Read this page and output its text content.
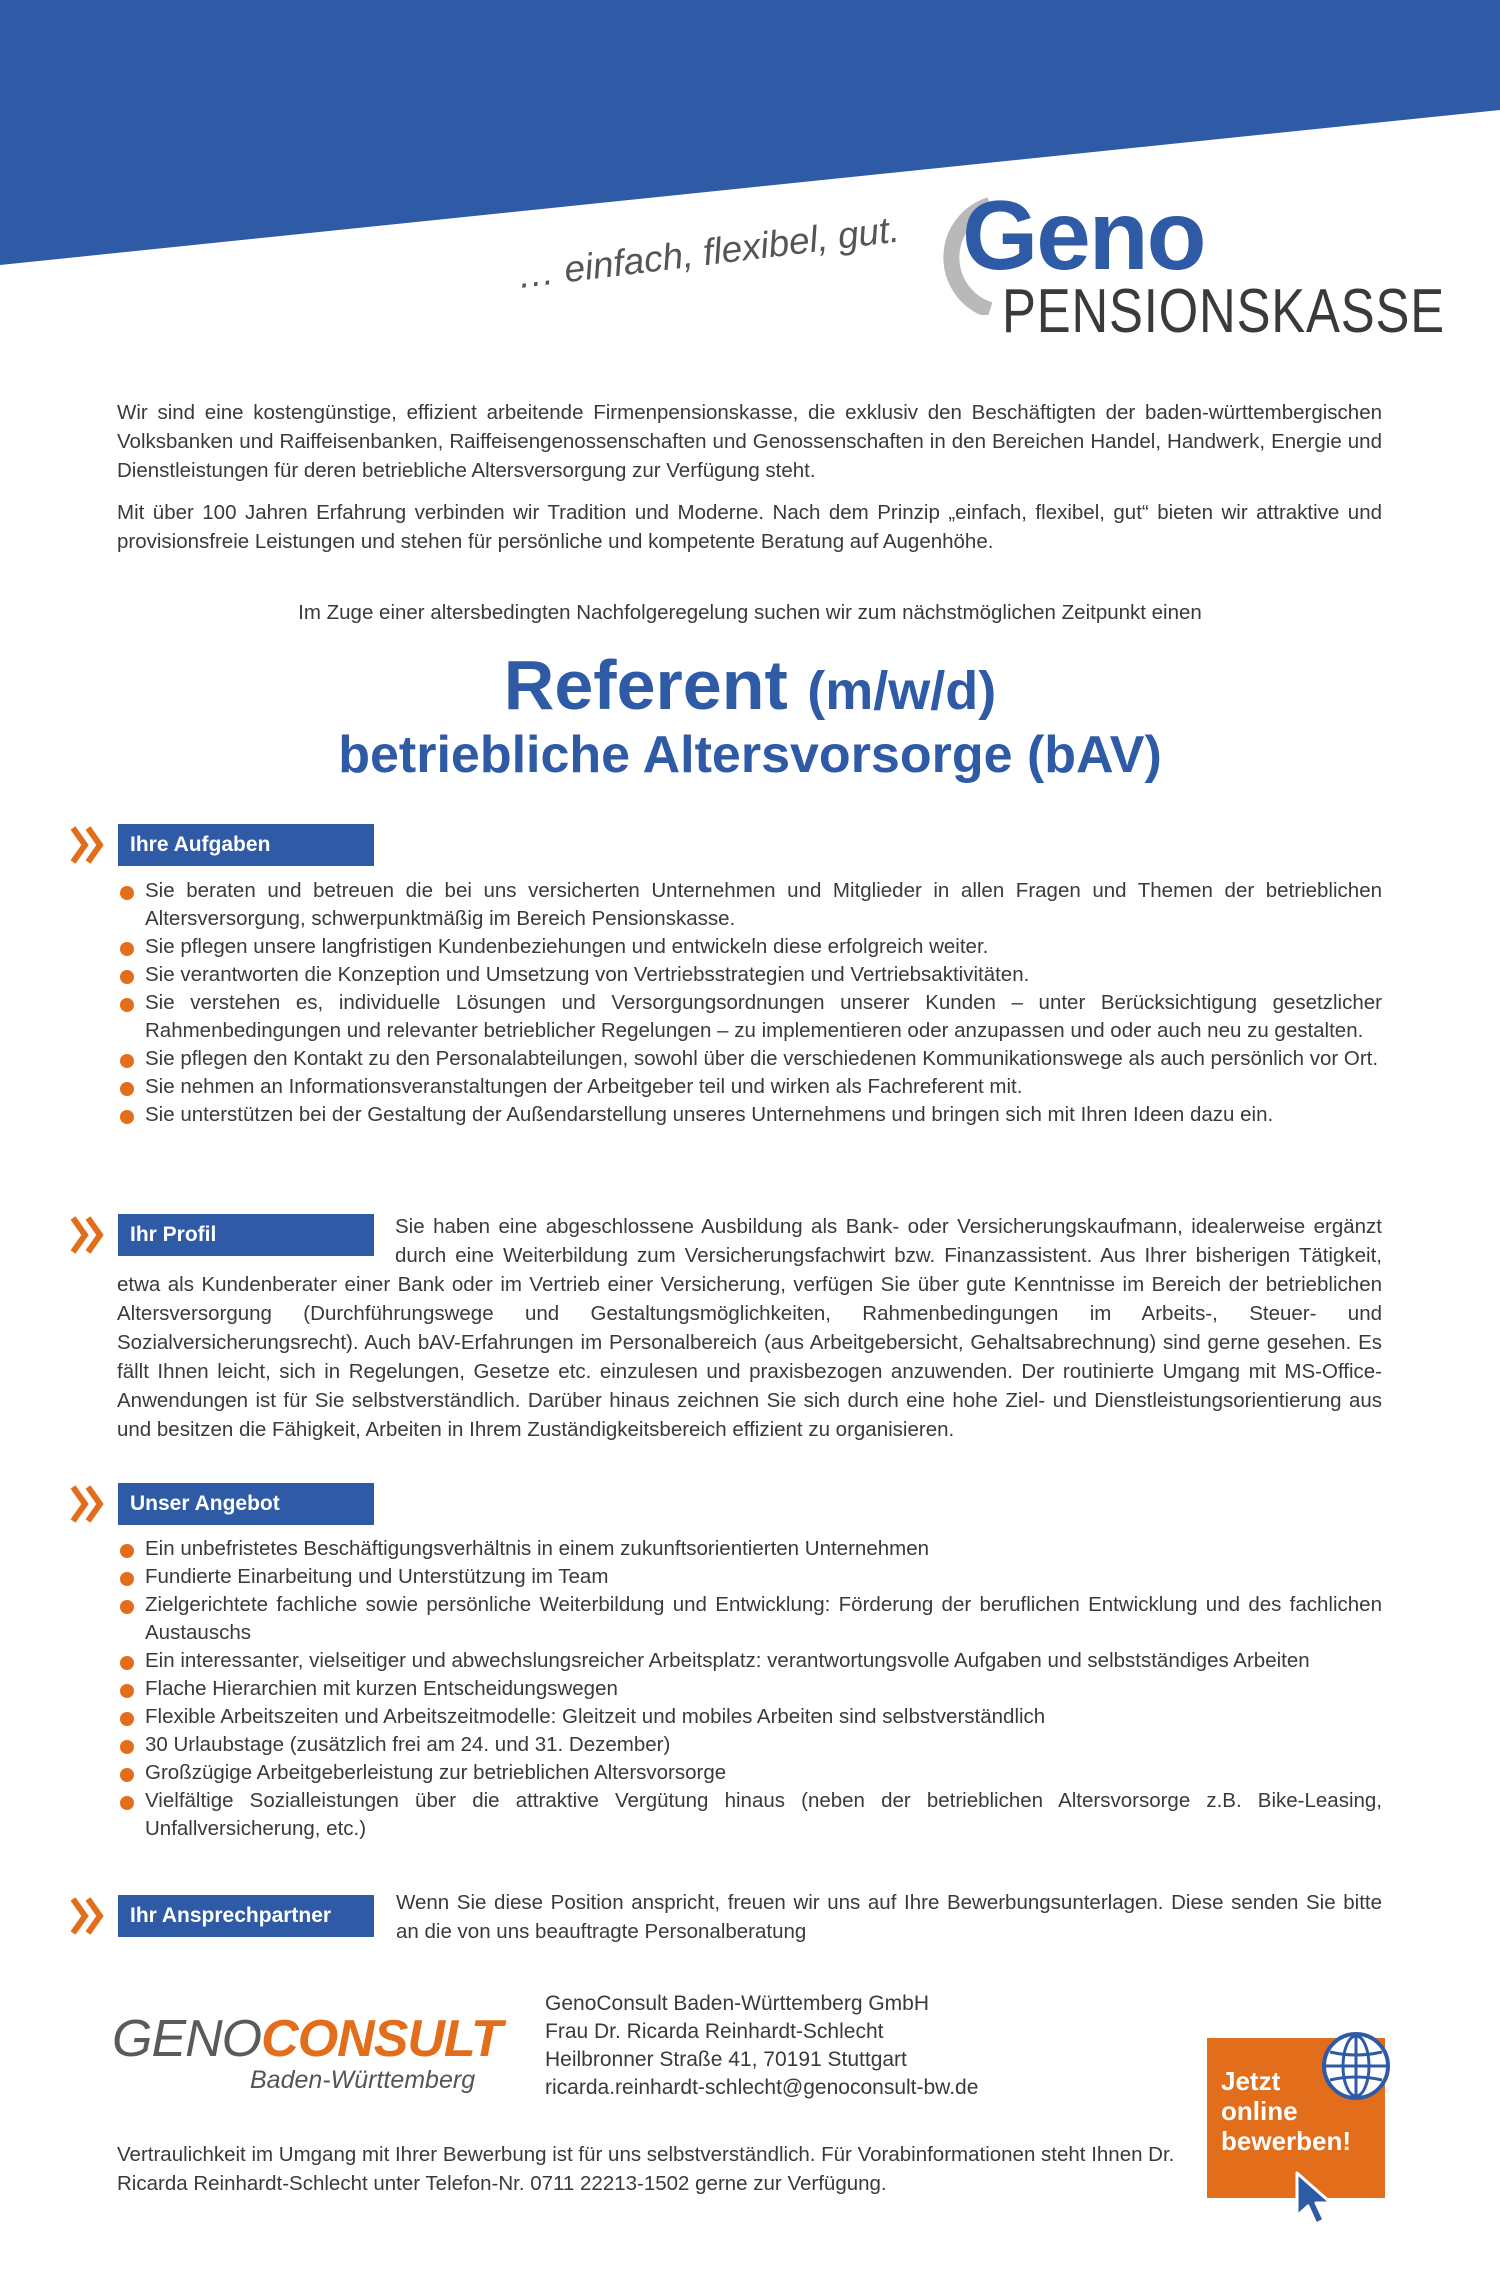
… einfach, flexibel, gut. Geno
PENSIONSKASSE

Wir sind eine kostengünstige, effizient arbeitende Firmenpensionskasse, die exklusiv den Beschäftigten der baden-württembergischen Volksbanken und Raiffeisenbanken, Raiffeisengenossenschaften und Genossenschaften in den Bereichen Handel, Handwerk, Energie und Dienstleistungen für deren betriebliche Altersversorgung zur Verfügung steht.

Mit über 100 Jahren Erfahrung verbinden wir Tradition und Moderne. Nach dem Prinzip „einfach, flexibel, gut“ bieten wir attraktive und provisionsfreie Leistungen und stehen für persönliche und kompetente Beratung auf Augenhöhe.

Im Zuge einer altersbedingten Nachfolgeregelung suchen wir zum nächstmöglichen Zeitpunkt einen

Referent (m/w/d)
betriebliche Altersvorsorge (bAV)
Ihre Aufgaben
Sie beraten und betreuen die bei uns versicherten Unternehmen und Mitglieder in allen Fragen und Themen der betrieblichen Altersversorgung, schwerpunktmäßig im Bereich Pensionskasse.
Sie pflegen unsere langfristigen Kundenbeziehungen und entwickeln diese erfolgreich weiter.
Sie verantworten die Konzeption und Umsetzung von Vertriebsstrategien und Vertriebsaktivitäten.
Sie verstehen es, individuelle Lösungen und Versorgungsordnungen unserer Kunden – unter Berücksichtigung gesetzlicher Rahmenbedingungen und relevanter betrieblicher Regelungen – zu implementieren oder anzupassen und oder auch neu zu gestalten.
Sie pflegen den Kontakt zu den Personalabteilungen, sowohl über die verschiedenen Kommunikationswege als auch persönlich vor Ort.
Sie nehmen an Informationsveranstaltungen der Arbeitgeber teil und wirken als Fachreferent mit.
Sie unterstützen bei der Gestaltung der Außendarstellung unseres Unternehmens und bringen sich mit Ihren Ideen dazu ein.
Ihr Profil	Sie haben eine abgeschlossene Ausbildung als Bank- oder Versicherungskaufmann, idealerweise ergänzt durch eine Weiterbildung zum Versicherungsfachwirt bzw. Finanzassistent. Aus Ihrer bisherigen Tätigkeit, etwa als Kundenberater einer Bank oder im Vertrieb einer Versicherung, verfügen Sie über gute Kenntnisse im Bereich der betrieblichen Altersversorgung (Durchführungswege und Gestaltungsmöglichkeiten, Rahmenbedingungen im Arbeits-, Steuer- und Sozialversicherungsrecht). Auch bAV-Erfahrungen im Personalbereich (aus Arbeitgebersicht, Gehaltsabrechnung) sind gerne gesehen. Es fällt Ihnen leicht, sich in Regelungen, Gesetze etc. einzulesen und praxisbezogen anzuwenden. Der routinierte Umgang mit MS-Office-Anwendungen ist für Sie selbstverständlich. Darüber hinaus zeichnen Sie sich durch eine hohe Ziel- und Dienstleistungsorientierung aus und besitzen die Fähigkeit, Arbeiten in Ihrem Zuständigkeitsbereich effizient zu organisieren.
Unser Angebot
Ein unbefristetes Beschäftigungsverhältnis in einem zukunftsorientierten Unternehmen
Fundierte Einarbeitung und Unterstützung im Team
Zielgerichtete fachliche sowie persönliche Weiterbildung und Entwicklung: Förderung der beruflichen Entwicklung und des fachlichen Austauschs
Ein interessanter, vielseitiger und abwechslungsreicher Arbeitsplatz: verantwortungsvolle Aufgaben und selbstständiges Arbeiten
Flache Hierarchien mit kurzen Entscheidungswegen
Flexible Arbeitszeiten und Arbeitszeitmodelle: Gleitzeit und mobiles Arbeiten sind selbstverständlich
30 Urlaubstage (zusätzlich frei am 24. und 31. Dezember)
Großzügige Arbeitgeberleistung zur betrieblichen Altersvorsorge
Vielfältige Sozialleistungen über die attraktive Vergütung hinaus (neben der betrieblichen Altersvorsorge z.B. Bike-Leasing, Unfallversicherung, etc.)
Ihr Ansprechpartner

Wenn Sie diese Position anspricht, freuen wir uns auf Ihre Bewerbungsunterlagen. Diese senden Sie bitte an die von uns beauftragte Personalberatung

GENOCONSULT
Baden-Württemberg
GenoConsult Baden-Württemberg GmbH
Frau Dr. Ricarda Reinhardt-Schlecht
Heilbronner Straße 41, 70191 Stuttgart
ricarda.reinhardt-schlecht@genoconsult-bw.de

Vertraulichkeit im Umgang mit Ihrer Bewerbung ist für uns selbstverständlich. Für Vorabinformationen steht Ihnen Dr. Ricarda Reinhardt-Schlecht unter Telefon-Nr. 0711 22213-1502 gerne zur Verfügung.

Jetzt
online
bewerben!
